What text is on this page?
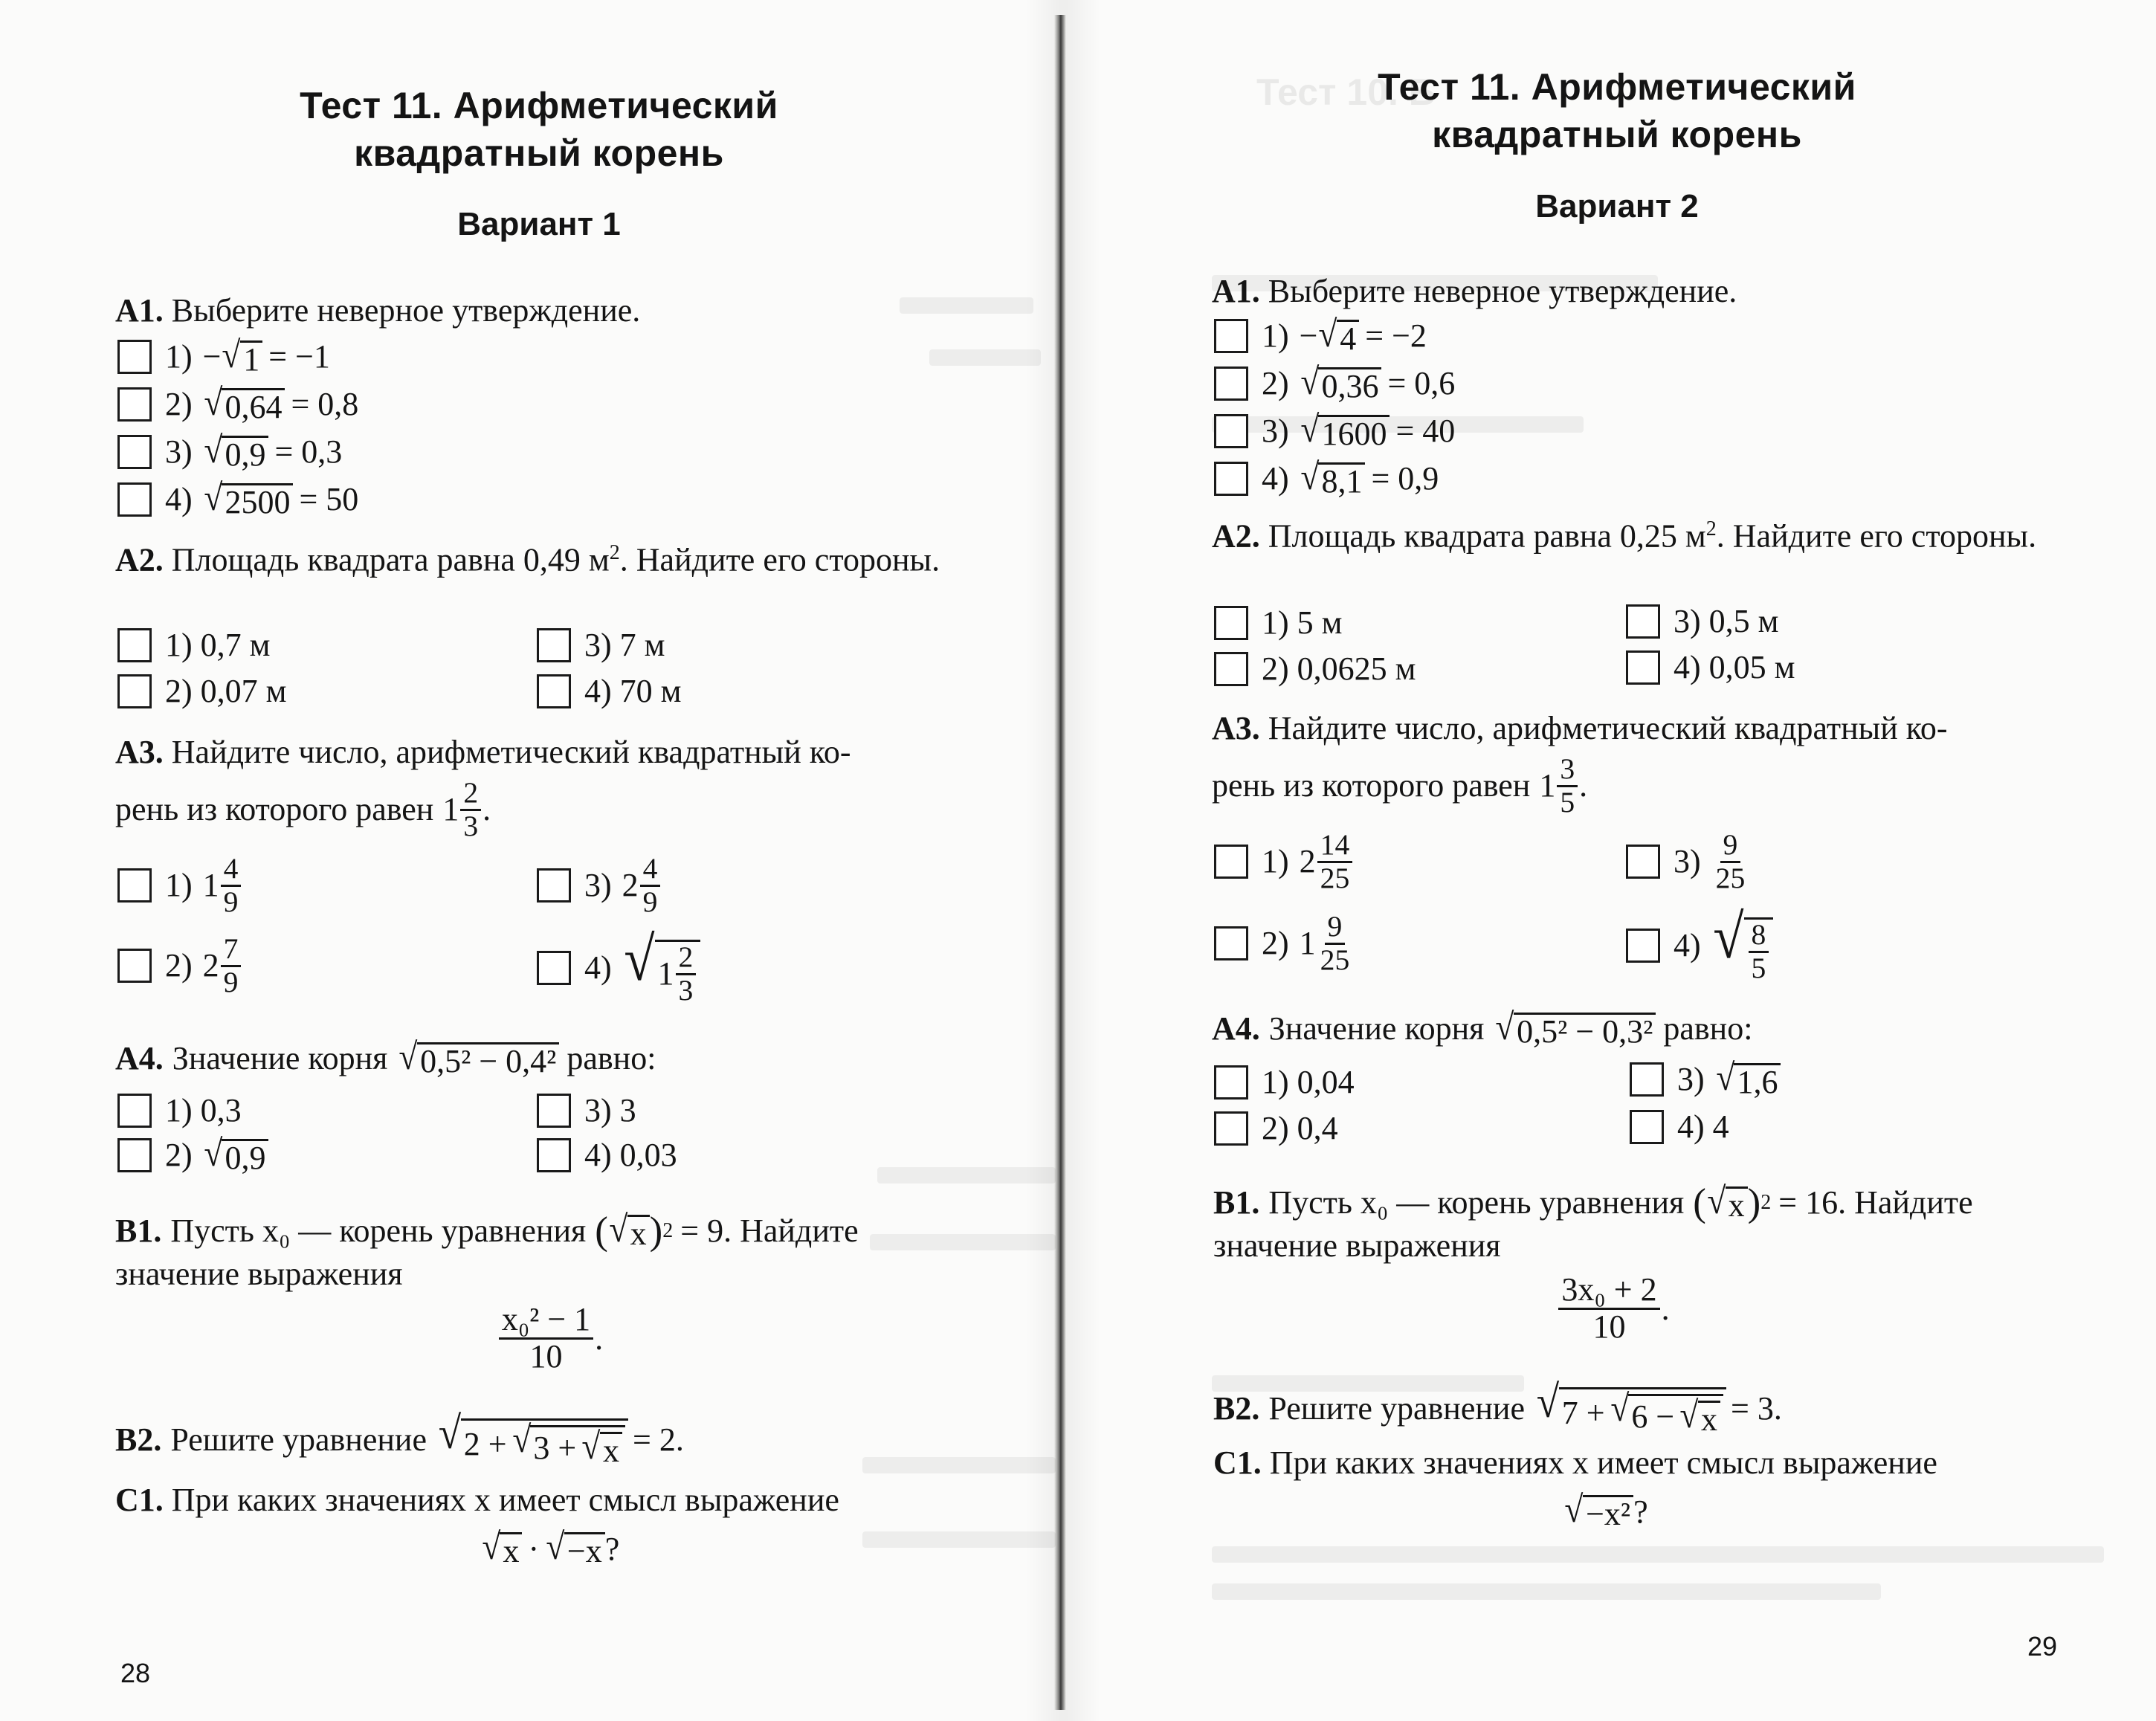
Тест 11. Арифметический
квадратный корень
Вариант 1
А1. Выберите неверное утверждение.
1) − √ 1 = −1
2) √ 0,64 = 0,8
3) √ 0,9 = 0,3
4) √ 2500 = 50
А2. Площадь квадрата равна 0,49 $м^2$. Найдите его стороны.
1) 0,7 м
2) 0,07 м
3) 7 м
4) 70 м
А3. Найдите число, арифметический квадратный ко-
рень из которого равен $1 \frac{2}{3}$ .
1) $1 \frac{4}{9}$
2) $2 \frac{7}{9}$
3) $2 \frac{4}{9}$
4) √ $1 \frac{2}{3}$
А4. Значение корня √ 0,5² − 0,4² равно:
1) 0,3
2) √ 0,9
3) 3
4) 0,03
В1. Пусть x₀ — корень уравнения ( √ x ) 2 = 9. Найдите
значение выражения
$\frac{\text{x₀² − 1}}{10}$ .
В2. Решите уравнение √ 2 + √ 3 + √ x = 2.
С1. При каких значениях x имеет смысл выражение
√ x · √ −x ?
28
Тест 10. Б
Тест 11. Арифметический
квадратный корень
Вариант 2
А1. Выберите неверное утверждение.
1) − √ 4 = −2
2) √ 0,36 = 0,6
3) √ 1600 = 40
4) √ 8,1 = 0,9
А2. Площадь квадрата равна 0,25 $м^2$. Найдите его стороны.
1) 5 м
2) 0,0625 м
3) 0,5 м
4) 0,05 м
А3. Найдите число, арифметический квадратный ко-
рень из которого равен $1 \frac{3}{5}$ .
1) $2 \frac{14}{25}$
2) $1 \frac{9}{25}$
$3) \frac{9}{25}$
4) √ $\frac{8}{5}$
А4. Значение корня √ 0,5² − 0,3² равно:
1) 0,04
2) 0,4
3) √ 1,6
4) 4
В1. Пусть x₀ — корень уравнения ( √ x ) 2 = 16. Найдите
значение выражения
$\frac{\text{3x₀ + 2}}{10}$ .
В2. Решите уравнение √ 7 + √ 6 − √ x = 3.
С1. При каких значениях x имеет смысл выражение
√ −x² ?
29
